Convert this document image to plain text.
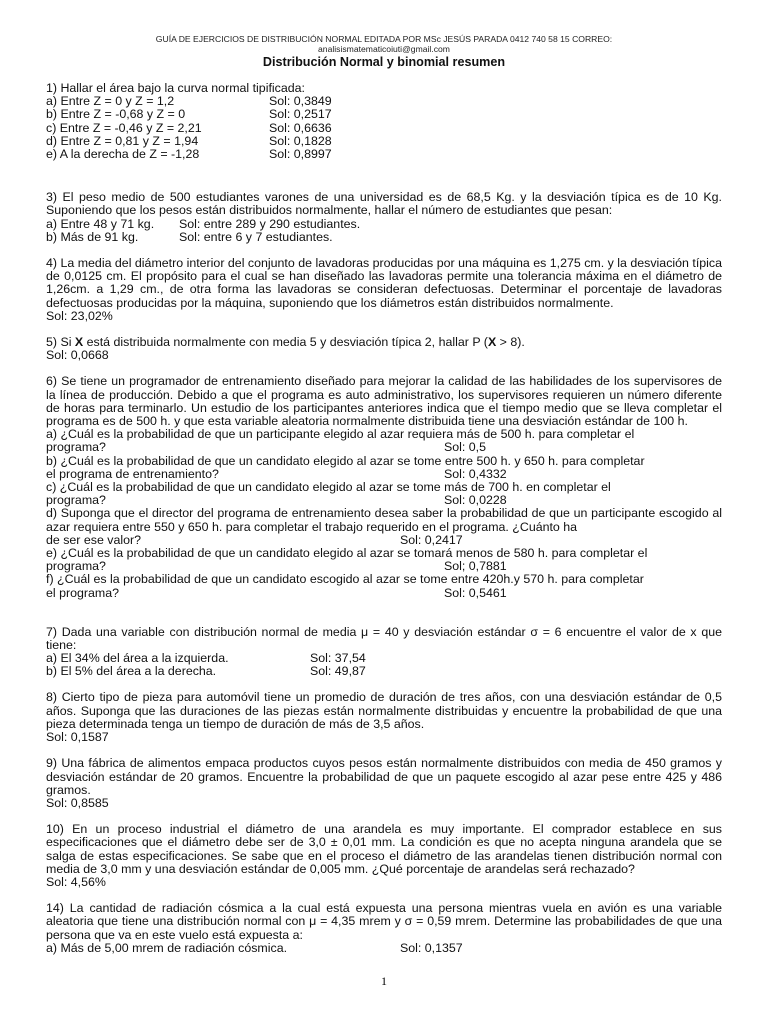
GUÍA DE EJERCICIOS DE DISTRIBUCIÓN NORMAL EDITADA POR MSc JESÚS PARADA 0412 740 58 15 CORREO:
analisismatematicoiuti@gmail.com
Distribución Normal y binomial resumen

1) Hallar el área bajo la curva normal tipificada:

a) Entre Z = 0 y Z = 1,2	Sol: 0,3849
b) Entre Z = -0,68 y Z = 0	Sol: 0,2517
c) Entre Z = -0,46 y Z = 2,21	Sol: 0,6636
d) Entre Z = 0,81 y Z = 1,94	Sol: 0,1828
e) A la derecha de Z = -1,28	Sol: 0,8997

3) El peso medio de 500 estudiantes varones de una universidad es de 68,5 Kg. y la desviación típica es de 10 Kg. Suponiendo que los pesos están distribuidos normalmente, hallar el número de estudiantes que pesan:

a) Entre 48 y 71 kg. Sol: entre 289 y 290 estudiantes.
b) Más de 91 kg.	Sol: entre 6 y 7 estudiantes.

4) La media del diámetro interior del conjunto de lavadoras producidas por una máquina es 1,275 cm. y la desviación típica de 0,0125 cm. El propósito para el cual se han diseñado las lavadoras permite una tolerancia máxima en el diámetro de 1,26cm. a 1,29 cm., de otra forma las lavadoras se consideran defectuosas. Determinar el porcentaje de lavadoras defectuosas producidas por la máquina, suponiendo que los diámetros están distribuidos normalmente.

Sol: 23,02%

5) Si X está distribuida normalmente con media 5 y desviación típica 2, hallar P (X > 8).

Sol: 0,0668

6) Se tiene un programador de entrenamiento diseñado para mejorar la calidad de las habilidades de los supervisores de la línea de producción. Debido a que el programa es auto administrativo, los supervisores requieren un número diferente de horas para terminarlo. Un estudio de los participantes anteriores indica que el tiempo medio que se lleva completar el programa es de 500 h. y que esta variable aleatoria normalmente distribuida tiene una desviación estándar de 100 h.

a) ¿Cuál es la probabilidad de que un participante elegido al azar requiera más de 500 h. para completar el

programa?	Sol: 0,5

b) ¿Cuál es la probabilidad de que un candidato elegido al azar se tome entre 500 h. y 650 h. para completar

el programa de entrenamiento?	Sol: 0,4332

c) ¿Cuál es la probabilidad de que un candidato elegido al azar se tome más de 700 h. en completar el

programa?	Sol: 0,0228

d) Suponga que el director del programa de entrenamiento desea saber la probabilidad de que un participante escogido al azar requiera entre 550 y 650 h. para completar el trabajo requerido en el programa. ¿Cuánto ha

de ser ese valor?	Sol: 0,2417

e) ¿Cuál es la probabilidad de que un candidato elegido al azar se tomará menos de 580 h. para completar el

programa?	Sol; 0,7881

f) ¿Cuál es la probabilidad de que un candidato escogido al azar se tome entre 420h.y 570 h. para completar

el programa?	Sol: 0,5461

7) Dada una variable con distribución normal de media μ = 40 y desviación estándar σ = 6 encuentre el valor de x que tiene:

a) El 34% del área a la izquierda.	Sol: 37,54
b) El 5% del área a la derecha.	Sol: 49,87

8) Cierto tipo de pieza para automóvil tiene un promedio de duración de tres años, con una desviación estándar de 0,5 años. Suponga que las duraciones de las piezas están normalmente distribuidas y encuentre la probabilidad de que una pieza determinada tenga un tiempo de duración de más de 3,5 años.

Sol: 0,1587

9) Una fábrica de alimentos empaca productos cuyos pesos están normalmente distribuidos con media de 450 gramos y desviación estándar de 20 gramos. Encuentre la probabilidad de que un paquete escogido al azar pese entre 425 y 486 gramos.

Sol: 0,8585

10) En un proceso industrial el diámetro de una arandela es muy importante. El comprador establece en sus especificaciones que el diámetro debe ser de 3,0 ± 0,01 mm. La condición es que no acepta ninguna arandela que se salga de estas especificaciones. Se sabe que en el proceso el diámetro de las arandelas tienen distribución normal con media de 3,0 mm y una desviación estándar de 0,005 mm. ¿Qué porcentaje de arandelas será rechazado?

Sol: 4,56%

14) La cantidad de radiación cósmica a la cual está expuesta una persona mientras vuela en avión es una variable aleatoria que tiene una distribución normal con μ = 4,35 mrem y σ = 0,59 mrem. Determine las probabilidades de que una persona que va en este vuelo está expuesta a:

a) Más de 5,00 mrem de radiación cósmica.	Sol: 0,1357
1
